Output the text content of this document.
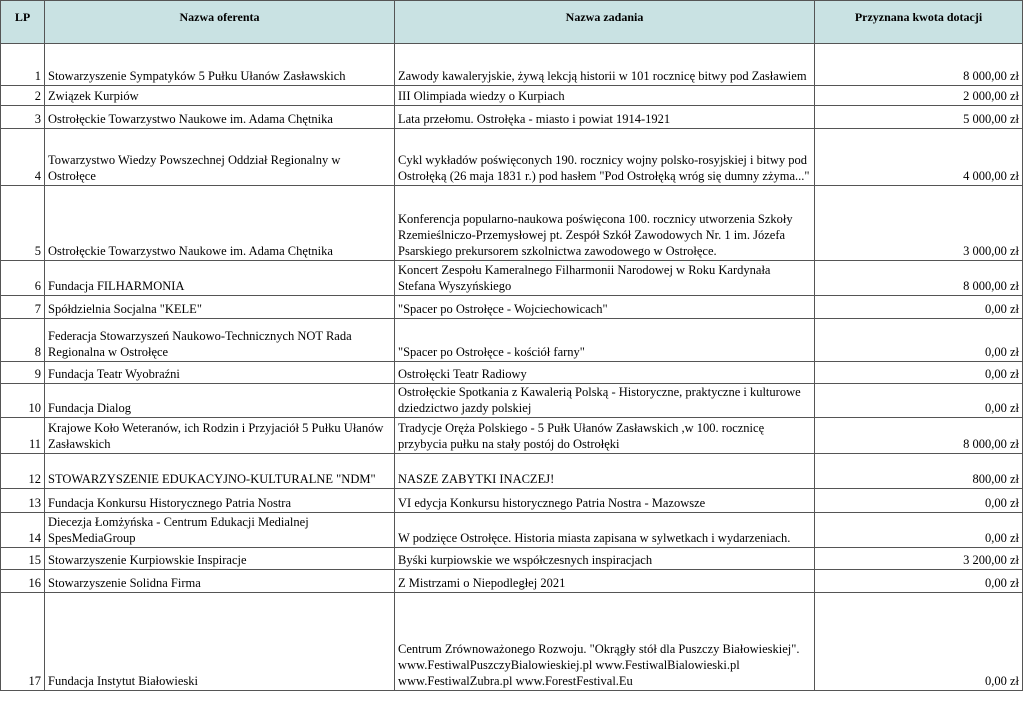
LP	Nazwa oferenta	Nazwa zadania	Przyznana kwota dotacji
1	Stowarzyszenie Sympatyków 5 Pułku Ułanów Zasławskich	Zawody kawaleryjskie, żywą lekcją historii w 101 rocznicę bitwy pod Zasławiem	8 000,00 zł
2	Związek Kurpiów	III Olimpiada wiedzy o Kurpiach	2 000,00 zł
3	Ostrołęckie Towarzystwo Naukowe im. Adama Chętnika	Lata przełomu. Ostrołęka - miasto i powiat 1914-1921	5 000,00 zł
4	Towarzystwo Wiedzy Powszechnej Oddział Regionalny w Ostrołęce	Cykl wykładów poświęconych 190. rocznicy wojny polsko-rosyjskiej i bitwy pod Ostrołęką (26 maja 1831 r.) pod hasłem "Pod Ostrołęką wróg się dumny zżyma..."	4 000,00 zł
5	Ostrołęckie Towarzystwo Naukowe im. Adama Chętnika	Konferencja popularno-naukowa poświęcona 100. rocznicy utworzenia Szkoły Rzemieślniczo-Przemysłowej pt. Zespół Szkół Zawodowych Nr. 1 im. Józefa Psarskiego prekursorem szkolnictwa zawodowego w Ostrołęce.	3 000,00 zł
6	Fundacja FILHARMONIA	Koncert Zespołu Kameralnego Filharmonii Narodowej w Roku Kardynała Stefana Wyszyńskiego	8 000,00 zł
7	Spółdzielnia Socjalna "KELE"	"Spacer po Ostrołęce - Wojciechowicach"	0,00 zł
8	Federacja Stowarzyszeń Naukowo-Technicznych NOT Rada Regionalna w Ostrołęce	"Spacer po Ostrołęce - kościół farny"	0,00 zł
9	Fundacja Teatr Wyobraźni	Ostrołęcki Teatr Radiowy	0,00 zł
10	Fundacja Dialog	Ostrołęckie Spotkania z Kawalerią Polską - Historyczne, praktyczne i kulturowe dziedzictwo jazdy polskiej	0,00 zł
11	Krajowe Koło Weteranów, ich Rodzin i Przyjaciół 5 Pułku Ułanów Zasławskich	Tradycje Oręża Polskiego - 5 Pułk Ułanów Zasławskich ,w 100. rocznicę przybycia pułku na stały postój do Ostrołęki	8 000,00 zł
12	STOWARZYSZENIE EDUKACYJNO-KULTURALNE "NDM"	NASZE ZABYTKI INACZEJ!	800,00 zł
13	Fundacja Konkursu Historycznego Patria Nostra	VI edycja Konkursu historycznego Patria Nostra - Mazowsze	0,00 zł
14	Diecezja Łomżyńska - Centrum Edukacji Medialnej SpesMediaGroup	W podzięce Ostrołęce. Historia miasta zapisana w sylwetkach i wydarzeniach.	0,00 zł
15	Stowarzyszenie Kurpiowskie Inspiracje	Byśki kurpiowskie we współczesnych inspiracjach	3 200,00 zł
16	Stowarzyszenie Solidna Firma	Z Mistrzami o Niepodległej 2021	0,00 zł
17	Fundacja Instytut Białowieski	Centrum Zrównoważonego Rozwoju. "Okrągły stół dla Puszczy Białowieskiej". www.FestiwalPuszczyBialowieskiej.pl www.FestiwalBialowieski.pl www.FestiwalZubra.pl www.ForestFestival.Eu	0,00 zł
